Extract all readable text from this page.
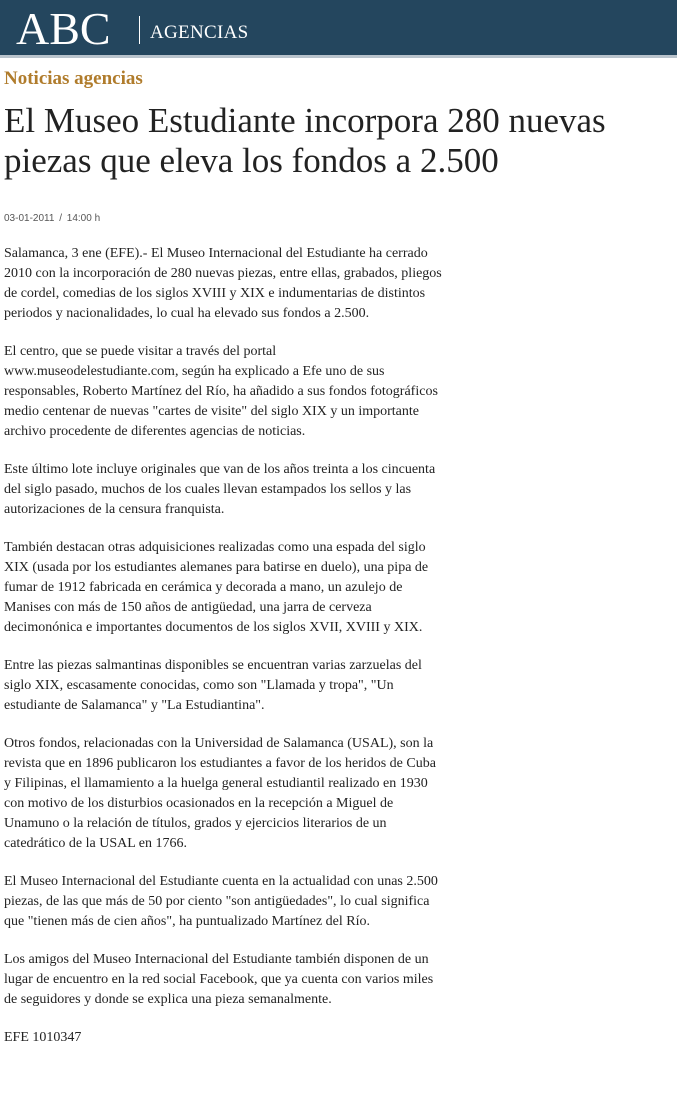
ABC AGENCIAS
Noticias agencias
El Museo Estudiante incorpora 280 nuevas piezas que eleva los fondos a 2.500
03-01-2011 / 14:00 h

Salamanca, 3 ene (EFE).- El Museo Internacional del Estudiante ha cerrado 2010 con la incorporación de 280 nuevas piezas, entre ellas, grabados, pliegos de cordel, comedias de los siglos XVIII y XIX e indumentarias de distintos periodos y nacionalidades, lo cual ha elevado sus fondos a 2.500.

El centro, que se puede visitar a través del portal www.museodelestudiante.com, según ha explicado a Efe uno de sus responsables, Roberto Martínez del Río, ha añadido a sus fondos fotográficos medio centenar de nuevas "cartes de visite" del siglo XIX y un importante archivo procedente de diferentes agencias de noticias.

Este último lote incluye originales que van de los años treinta a los cincuenta del siglo pasado, muchos de los cuales llevan estampados los sellos y las autorizaciones de la censura franquista.

También destacan otras adquisiciones realizadas como una espada del siglo XIX (usada por los estudiantes alemanes para batirse en duelo), una pipa de fumar de 1912 fabricada en cerámica y decorada a mano, un azulejo de Manises con más de 150 años de antigüedad, una jarra de cerveza decimonónica e importantes documentos de los siglos XVII, XVIII y XIX.

Entre las piezas salmantinas disponibles se encuentran varias zarzuelas del siglo XIX, escasamente conocidas, como son "Llamada y tropa", "Un estudiante de Salamanca" y "La Estudiantina".

Otros fondos, relacionadas con la Universidad de Salamanca (USAL), son la revista que en 1896 publicaron los estudiantes a favor de los heridos de Cuba y Filipinas, el llamamiento a la huelga general estudiantil realizado en 1930 con motivo de los disturbios ocasionados en la recepción a Miguel de Unamuno o la relación de títulos, grados y ejercicios literarios de un catedrático de la USAL en 1766.

El Museo Internacional del Estudiante cuenta en la actualidad con unas 2.500 piezas, de las que más de 50 por ciento "son antigüedades", lo cual significa que "tienen más de cien años", ha puntualizado Martínez del Río.

Los amigos del Museo Internacional del Estudiante también disponen de un lugar de encuentro en la red social Facebook, que ya cuenta con varios miles de seguidores y donde se explica una pieza semanalmente.

EFE 1010347
